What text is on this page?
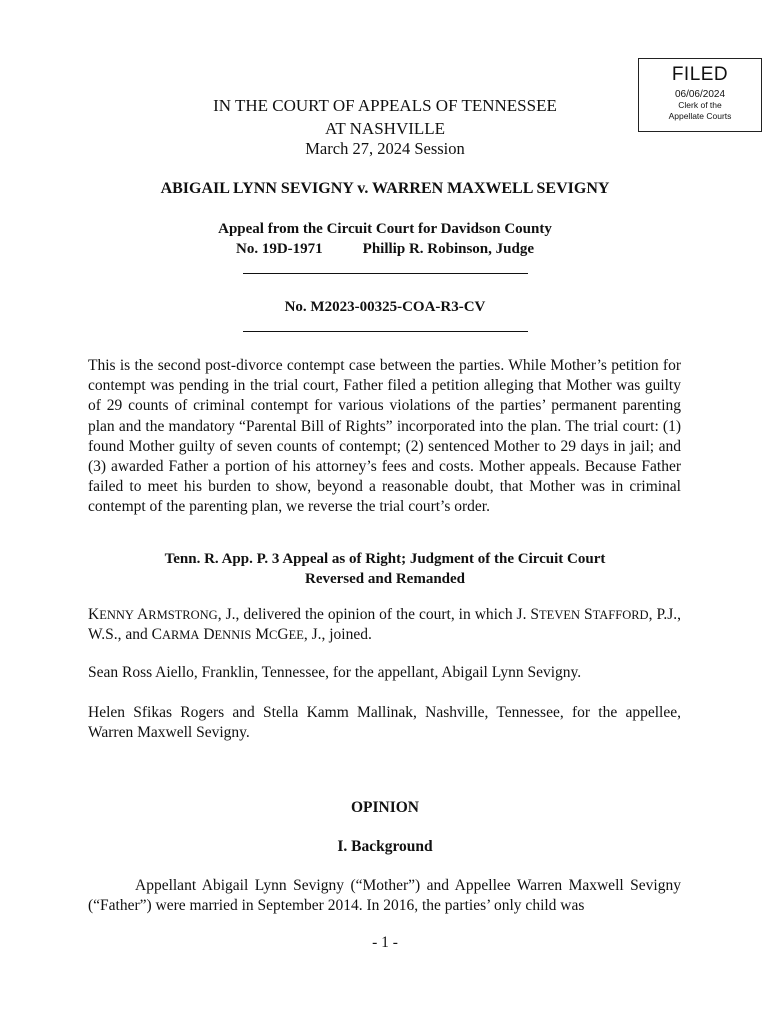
FILED
06/06/2024
Clerk of the
Appellate Courts
IN THE COURT OF APPEALS OF TENNESSEE
AT NASHVILLE
March 27, 2024 Session
ABIGAIL LYNN SEVIGNY v. WARREN MAXWELL SEVIGNY
Appeal from the Circuit Court for Davidson County
No. 19D-1971	Phillip R. Robinson, Judge
No. M2023-00325-COA-R3-CV

This is the second post-divorce contempt case between the parties. While Mother’s petition for contempt was pending in the trial court, Father filed a petition alleging that Mother was guilty of 29 counts of criminal contempt for various violations of the parties’ permanent parenting plan and the mandatory “Parental Bill of Rights” incorporated into the plan. The trial court: (1) found Mother guilty of seven counts of contempt; (2) sentenced Mother to 29 days in jail; and (3) awarded Father a portion of his attorney’s fees and costs. Mother appeals. Because Father failed to meet his burden to show, beyond a reasonable doubt, that Mother was in criminal contempt of the parenting plan, we reverse the trial court’s order.

Tenn. R. App. P. 3 Appeal as of Right; Judgment of the Circuit Court
Reversed and Remanded

KENNY ARMSTRONG, J., delivered the opinion of the court, in which J. STEVEN STAFFORD, P.J., W.S., and CARMA DENNIS MCGEE, J., joined.

Sean Ross Aiello, Franklin, Tennessee, for the appellant, Abigail Lynn Sevigny.

Helen Sfikas Rogers and Stella Kamm Mallinak, Nashville, Tennessee, for the appellee, Warren Maxwell Sevigny.

OPINION
I. Background

Appellant Abigail Lynn Sevigny (“Mother”) and Appellee Warren Maxwell Sevigny (“Father”) were married in September 2014. In 2016, the parties’ only child was

- 1 -
